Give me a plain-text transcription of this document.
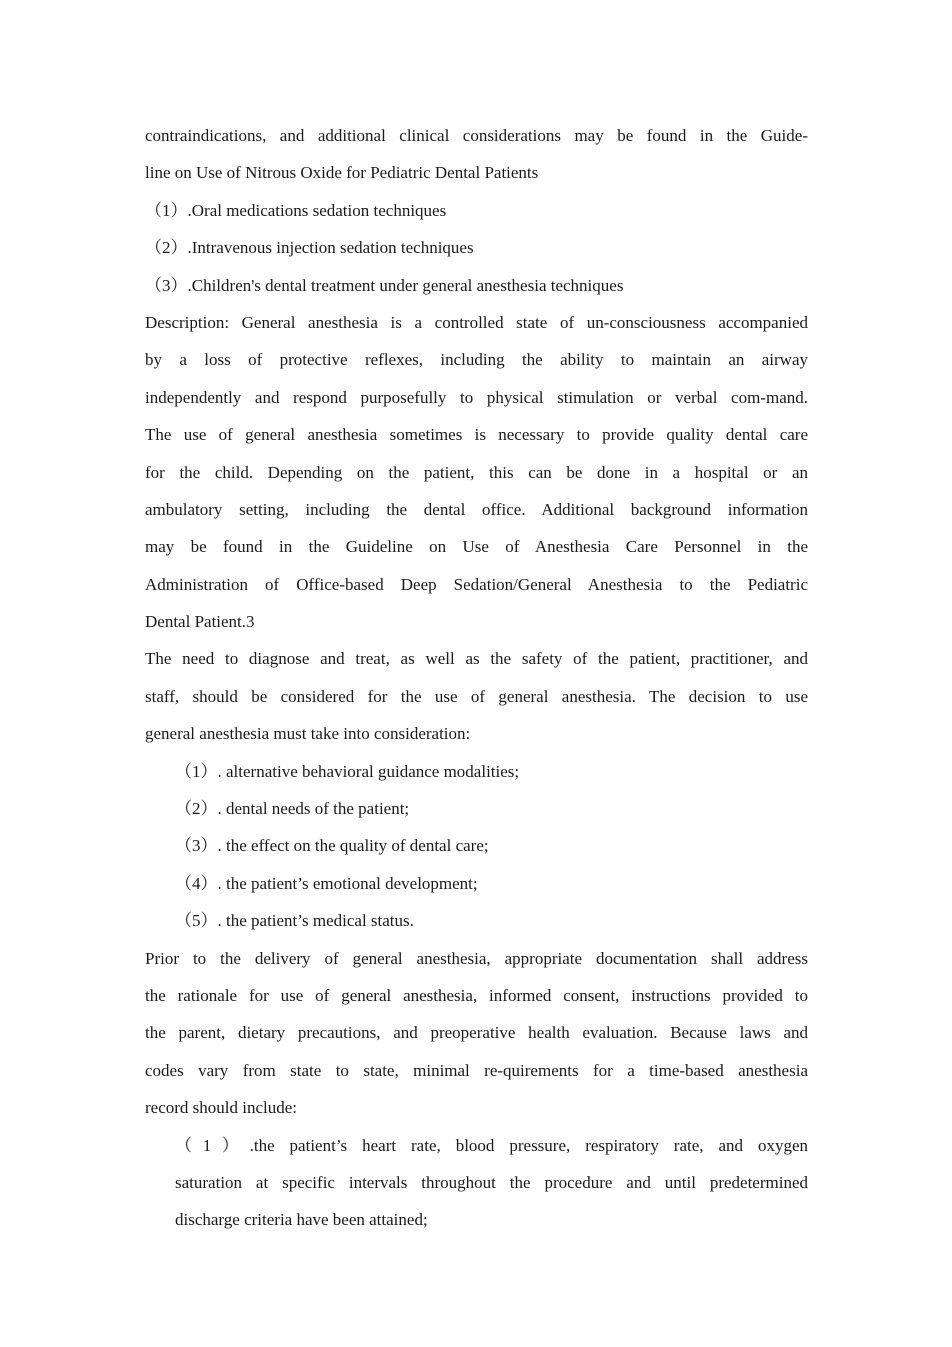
contraindications, and additional clinical considerations may be found in the Guide-
line on Use of Nitrous Oxide for Pediatric Dental Patients
（1）.Oral medications sedation techniques
（2）.Intravenous injection sedation techniques
（3）.Children's dental treatment under general anesthesia techniques
Description: General anesthesia is a controlled state of un-consciousness accompanied
by a loss of protective reflexes, including the ability to maintain an airway
independently and respond purposefully to physical stimulation or verbal com-mand.
The use of general anesthesia sometimes is necessary to provide quality dental care
for the child. Depending on the patient, this can be done in a hospital or an
ambulatory setting, including the dental office. Additional background information
may be found in the Guideline on Use of Anesthesia Care Personnel in the
Administration of Office-based Deep Sedation/General Anesthesia to the Pediatric
Dental Patient.3
The need to diagnose and treat, as well as the safety of the patient, practitioner, and
staff, should be considered for the use of general anesthesia. The decision to use
general anesthesia must take into consideration:
（1）. alternative behavioral guidance modalities;
（2）. dental needs of the patient;
（3）. the effect on the quality of dental care;
（4）. the patient’s emotional development;
（5）. the patient’s medical status.
Prior to the delivery of general anesthesia, appropriate documentation shall address
the rationale for use of general anesthesia, informed consent, instructions provided to
the parent, dietary precautions, and preoperative health evaluation. Because laws and
codes vary from state to state, minimal re-quirements for a time-based anesthesia
record should include:
（1）.the patient’s heart rate, blood pressure, respiratory rate, and oxygen
saturation at specific intervals throughout the procedure and until predetermined
discharge criteria have been attained;
